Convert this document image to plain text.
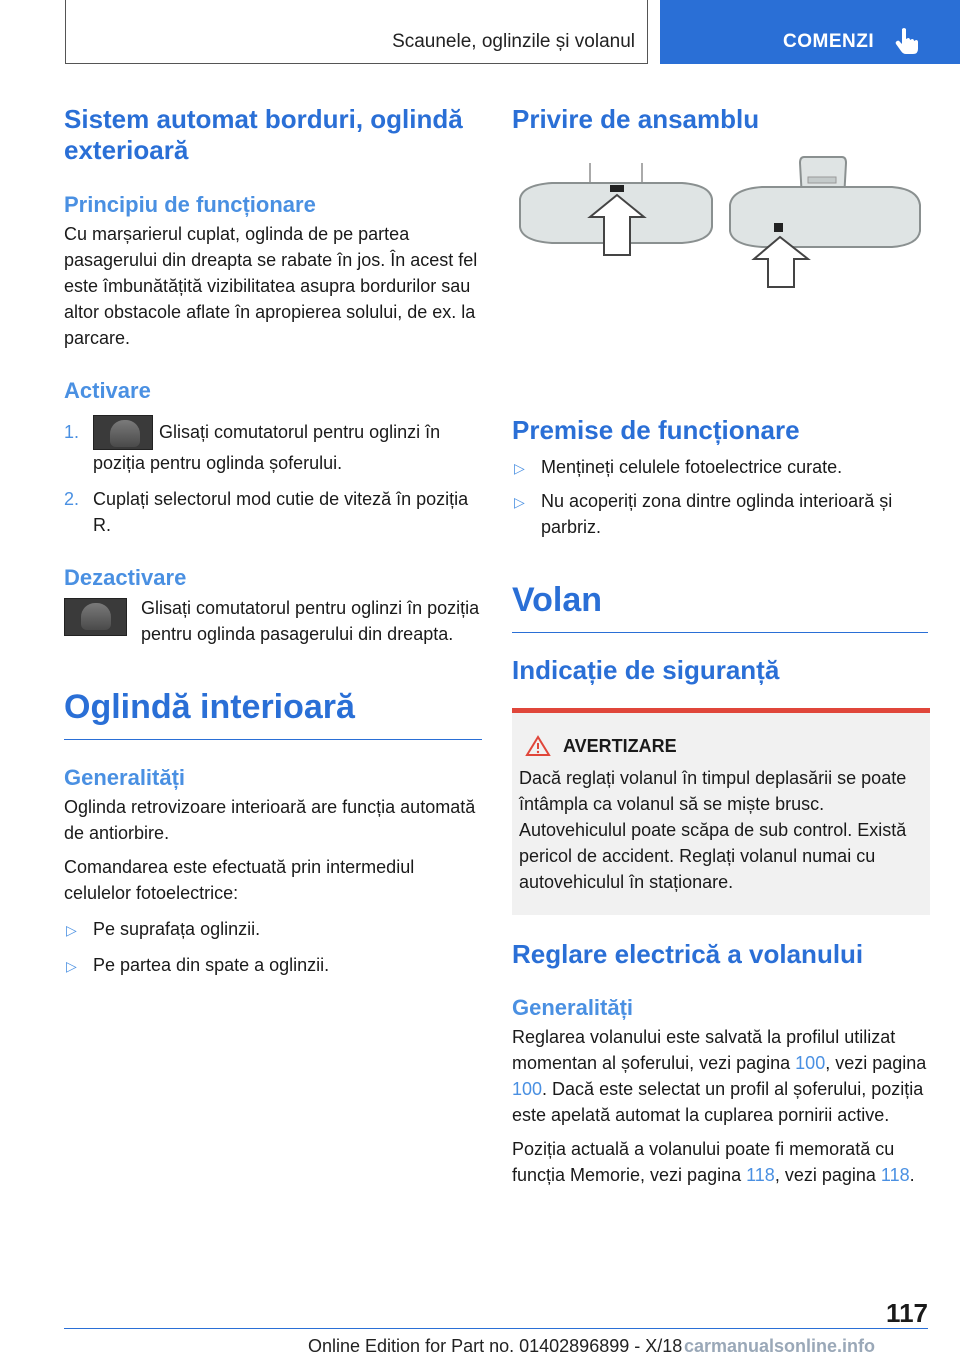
Scaunele, oglinzile și volanul	COMENZI
Sistem automat borduri, oglindă exterioară
Principiu de funcționare

Cu marșarierul cuplat, oglinda de pe partea pasagerului din dreapta se rabate în jos. În acest fel este îmbunătățită vizibilitatea asupra bordurilor sau altor obstacole aflate în apropierea solului, de ex. la parcare.

Activare
1.	Glisați comutatorul pentru oglinzi în poziția pentru oglinda șoferului.
2. Cuplați selectorul mod cutie de viteză în poziția R.
Dezactivare
Glisați comutatorul pentru oglinzi în poziția pentru oglinda pasagerului din dreapta.
Oglindă interioară
Generalități

Oglinda retrovizoare interioară are funcția automată de antiorbire.

Comandarea este efectuată prin intermediul celulelor fotoelectrice:

▷ Pe suprafața oglinzii.
▷ Pe partea din spate a oglinzii.
Privire de ansamblu
Premise de funcționare
▷ Mențineți celulele fotoelectrice curate.
▷ Nu acoperiți zona dintre oglinda interioară și parbriz.
Volan
Indicație de siguranță
AVERTIZARE

Dacă reglați volanul în timpul deplasării se poate întâmpla ca volanul să se miște brusc. Autovehiculul poate scăpa de sub control. Există pericol de accident. Reglați volanul numai cu autovehiculul în staționare.

Reglare electrică a volanului
Generalități

Reglarea volanului este salvată la profilul utilizat momentan al șoferului, vezi pagina 100, vezi pagina 100. Dacă este selectat un profil al șoferului, poziția este apelată automat la cuplarea pornirii active.

Poziția actuală a volanului poate fi memorată cu funcția Memorie, vezi pagina 118, vezi pagina 118.

117
Online Edition for Part no. 01402896899 - X/18 carmanualsonline.info
